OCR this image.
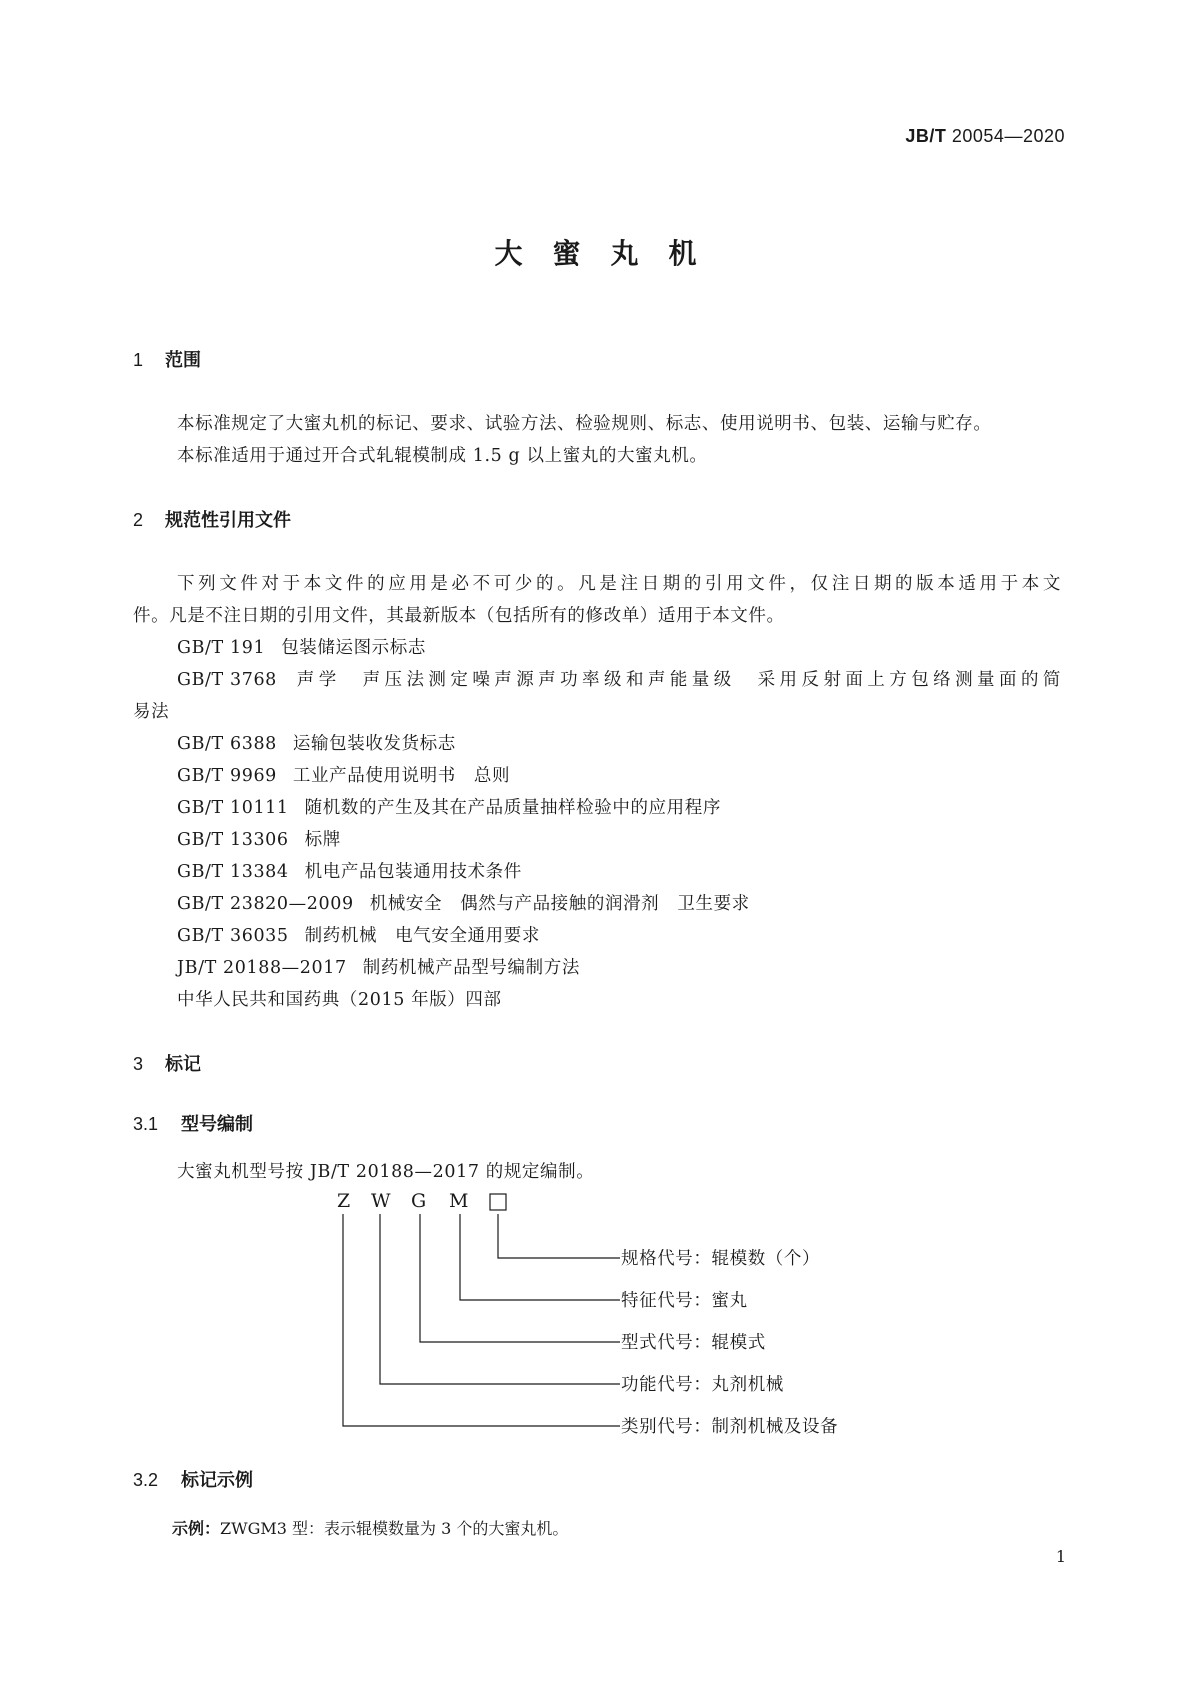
JB/T 20054—2020
大蜜丸机
1 范围
本标准规定了大蜜丸机的标记、要求、试验方法、检验规则、标志、使用说明书、包装、运输与贮存。
本标准适用于通过开合式轧辊模制成 1.5 g 以上蜜丸的大蜜丸机。
2 规范性引用文件
下列文件对于本文件的应用是必不可少的。凡是注日期的引用文件，仅注日期的版本适用于本文
件。凡是不注日期的引用文件，其最新版本（包括所有的修改单）适用于本文件。
GB/T 191 包装储运图示标志
GB/T 3768 声学　声压法测定噪声源声功率级和声能量级　采用反射面上方包络测量面的简
易法
GB/T 6388 运输包装收发货标志
GB/T 9969 工业产品使用说明书　总则
GB/T 10111 随机数的产生及其在产品质量抽样检验中的应用程序
GB/T 13306 标牌
GB/T 13384 机电产品包装通用技术条件
GB/T 23820—2009 机械安全　偶然与产品接触的润滑剂　卫生要求
GB/T 36035 制药机械　电气安全通用要求
JB/T 20188—2017 制药机械产品型号编制方法
中华人民共和国药典（2015 年版）四部
3 标记
3.1 型号编制
大蜜丸机型号按 JB/T 20188—2017 的规定编制。
Z W G M
规格代号：辊模数（个）
特征代号：蜜丸
型式代号：辊模式
功能代号：丸剂机械
类别代号：制剂机械及设备
3.2 标记示例
示例：ZWGM3 型：表示辊模数量为 3 个的大蜜丸机。
1
